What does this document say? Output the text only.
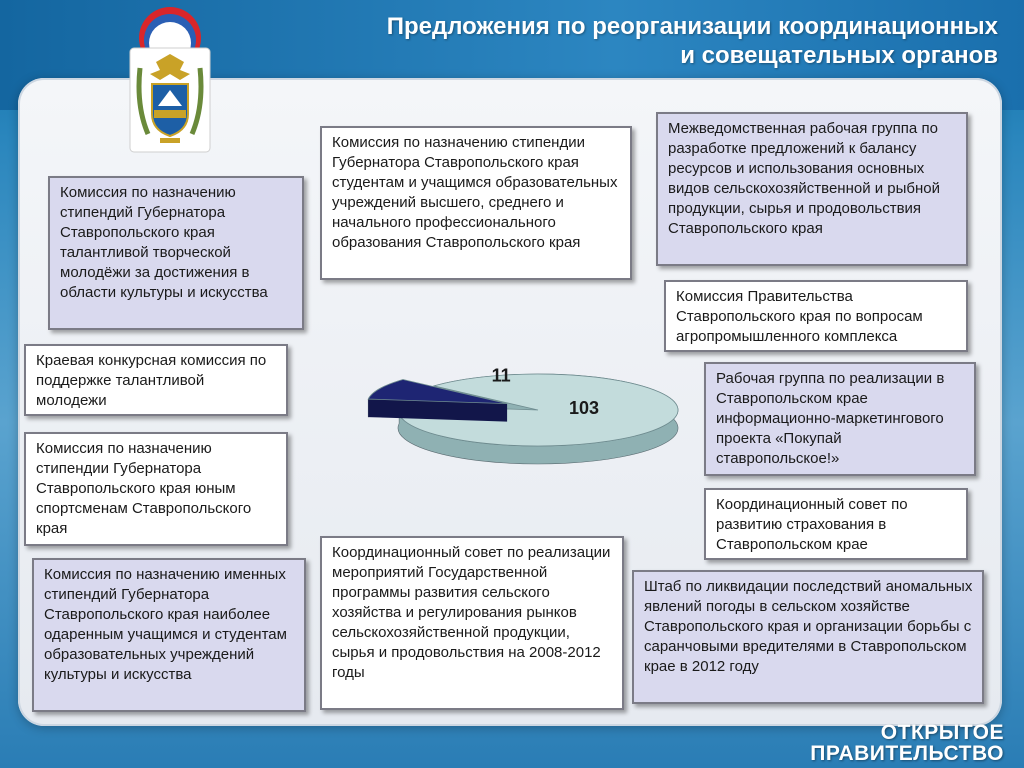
Предложения по реорганизации координационных
и совещательных органов
Комиссия по назначению стипендий Губернатора Ставропольского края талантливой творческой молодёжи за достижения в области культуры и искусства
Краевая конкурсная комиссия по поддержке талантливой молодежи
Комиссия по назначению стипендии Губернатора Ставропольского края юным спортсменам Ставропольского края
Комиссия по назначению именных стипендий Губернатора Ставропольского края наиболее одаренным учащимся и студентам образовательных учреждений культуры и искусства
Комиссия по назначению стипендии Губернатора Ставропольского края студентам и учащимся образовательных учреждений высшего, среднего и начального профессионального образования Ставропольского края
Координационный совет по реализации мероприятий Государственной программы развития сельского хозяйства и регулирования рынков сельскохозяйственной продукции, сырья и продовольствия на 2008-2012 годы
Межведомственная рабочая группа по разработке предложений к балансу ресурсов и использования основных видов сельскохозяйственной и рыбной продукции, сырья и продовольствия Ставропольского края
Комиссия Правительства Ставропольского края по вопросам агропромышленного комплекса
Рабочая группа по реализации в Ставропольском крае информационно-маркетингового проекта «Покупай ставропольское!»
Координационный совет по развитию страхования в Ставропольском крае
Штаб по ликвидации последствий аномальных явлений погоды в сельском хозяйстве Ставропольского края и организации борьбы с саранчовыми вредителями в Ставропольском крае в 2012 году
103
11
ОТКРЫТОЕ
ПРАВИТЕЛЬСТВО
